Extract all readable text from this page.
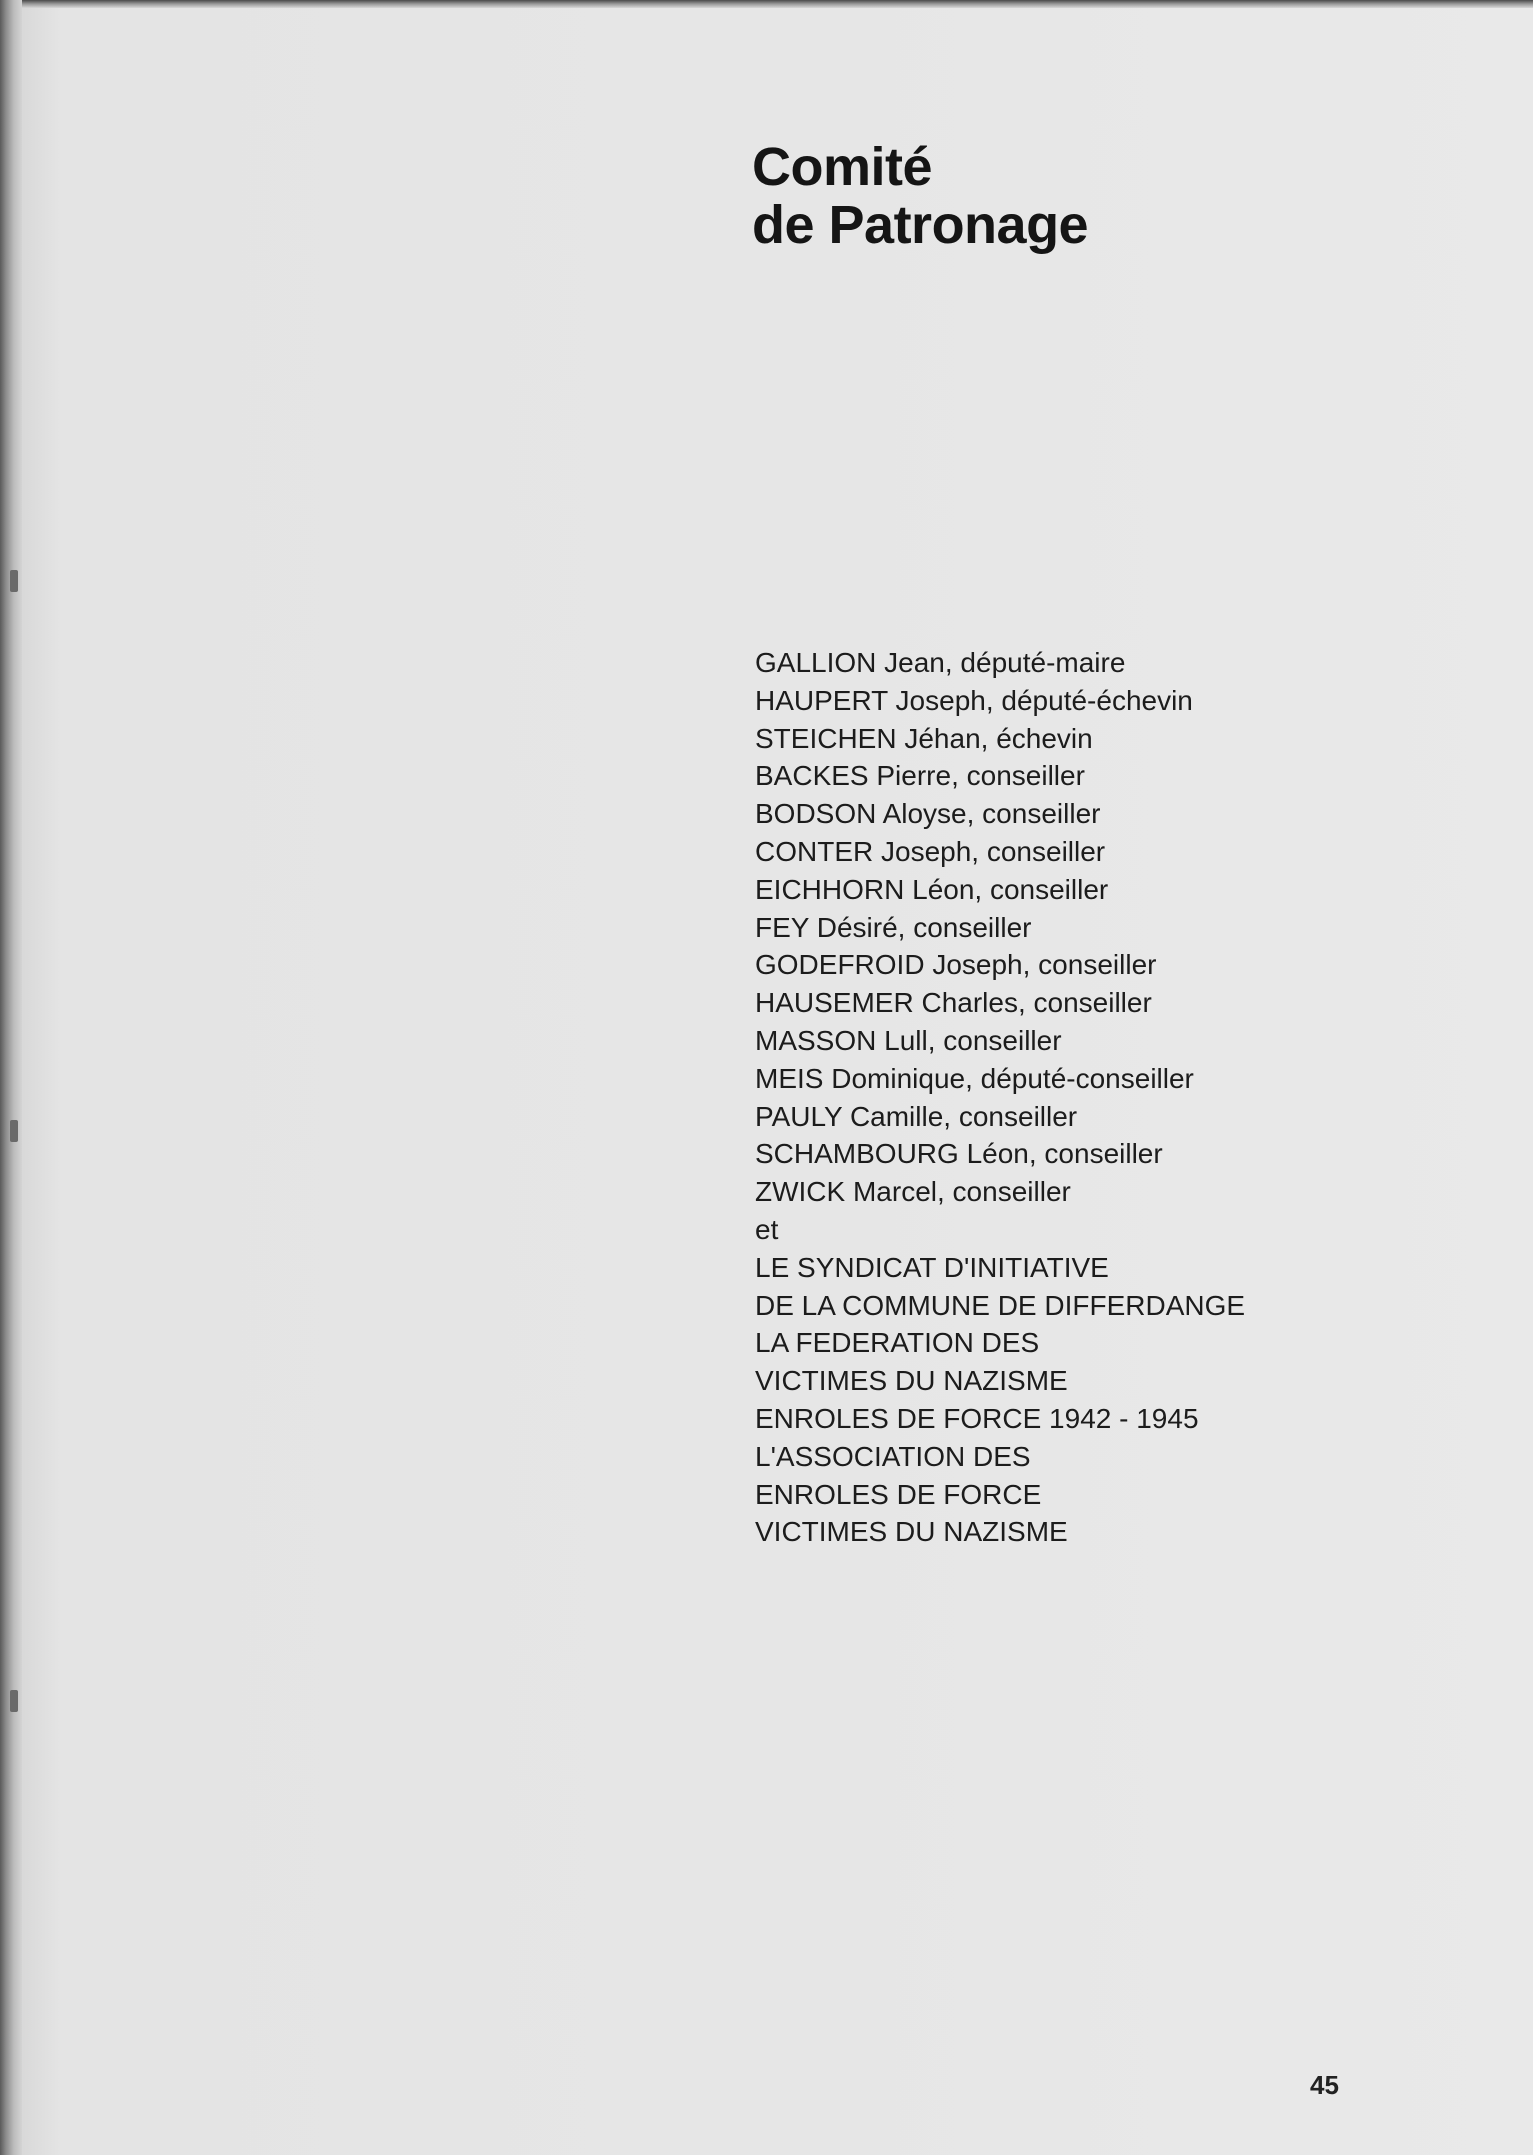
Comité
de Patronage
GALLION Jean, député-maire
HAUPERT Joseph, député-échevin
STEICHEN Jéhan, échevin
BACKES Pierre, conseiller
BODSON Aloyse, conseiller
CONTER Joseph, conseiller
EICHHORN Léon, conseiller
FEY Désiré, conseiller
GODEFROID Joseph, conseiller
HAUSEMER Charles, conseiller
MASSON Lull, conseiller
MEIS Dominique, député-conseiller
PAULY Camille, conseiller
SCHAMBOURG Léon, conseiller
ZWICK Marcel, conseiller
et
LE SYNDICAT D'INITIATIVE
DE LA COMMUNE DE DIFFERDANGE
LA FEDERATION DES
VICTIMES DU NAZISME
ENROLES DE FORCE 1942 - 1945
L'ASSOCIATION DES
ENROLES DE FORCE
VICTIMES DU NAZISME
45
